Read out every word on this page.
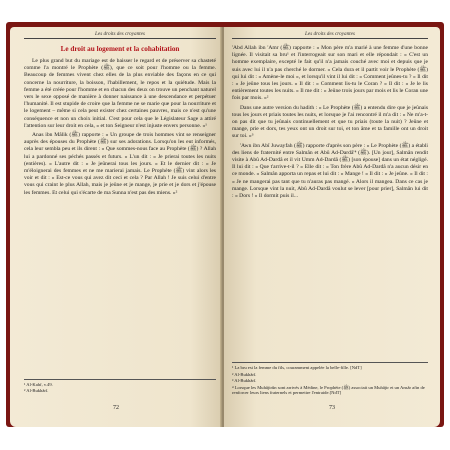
Les droits des croyantes
Le droit au logement et la cohabitation

Le plus grand but du mariage est de baisser le regard et de préserver sa chasteté comme l'a montré le Prophète (ﷺ), que ce soit pour l'homme ou la femme. Beaucoup de femmes vivent chez elles de la plus enviable des façons en ce qui concerne la nourriture, la boisson, l'habillement, le repos et la quiétude. Mais la femme a été créée pour l'homme et en chacun des deux on trouve un penchant naturel vers le sexe opposé de manière à donner naissance à une descendance et perpétuer l'humanité. Il est stupide de croire que la femme ne se marie que pour la nourriture et le logement – même si cela peut exister chez certaines pauvres, mais ce n'est qu'une conséquence et non un choix initial. C'est pour cela que le Législateur Sage a attiré l'attention sur leur droit en cela, « et ton Seigneur n'est injuste envers personne. »¹

Anas ibn Mâlik (ﷺ) rapporte : « Un groupe de trois hommes vint se renseigner auprès des épouses du Prophète (ﷺ) sur ses adorations. Lorsqu'on les eut informés, cela leur sembla peu et ils dirent : « Que sommes-nous face au Prophète (ﷺ) ? Allah lui a pardonné ses péchés passés et futurs. » L'un dit : « Je prierai toutes les nuits (entières). » L'autre dit : « Je jeûnerai tous les jours. » Et le dernier dit : « Je m'éloignerai des femmes et ne me marierai jamais. Le Prophète (ﷺ) vint alors les voir et dit : « Est-ce vous qui avez dit ceci et cela ? Par Allah ! Je suis celui d'entre vous qui craint le plus Allah, mais je jeûne et je mange, je prie et je dors et j'épouse les femmes. Et celui qui s'écarte de ma Sunna n'est pas des miens. »²

¹ Al-Kahf, v.49.

² Al-Bukhârî.

72
Les droits des croyantes

'Abd Allah ibn 'Amr (ﷺ) rapporte : « Mon père m'a marié à une femme d'une bonne lignée. Il visitait sa bru¹ et l'interrogeait sur son mari et elle répondait : « C'est un homme exemplaire, excepté le fait qu'il n'a jamais couché avec moi et depuis que je suis avec lui il n'a pas cherché le dormer. » Cela dura et il partit voir le Prophète (ﷺ) qui lui dit : « Amène-le moi », et lorsqu'il vint il lui dit : « Comment jeûnes-tu ? » Il dit : « Je jeûne tous les jours. » Il dit : « Comment lis-tu le Coran ? » Il dit : « Je le lis entièrement toutes les nuits. » Il me dit : « Jeûne trois jours par mois et lis le Coran une fois par mois. »²

Dans une autre version du hadith : « Le Prophète (ﷺ) a entendu dire que je jeûnais tous les jours et priais toutes les nuits, et lorsque je l'ai rencontré il m'a dit : « Ne m'a-t-on pas dit que tu jeûnais continuellement et que tu priais (toute la nuit) ? Jeûne et mange, prie et dors, tes yeux ont un droit sur toi, et ton âme et ta famille ont un droit sur toi. »³

'Awn ibn Abî Juwayfah (ﷺ) rapporte d'après son père : « Le Prophète (ﷺ) a établi des liens de fraternité entre Salmân et Abû Ad-Dardâ'⁴ (ﷺ). [Un jour], Salmân rendit visite à Abû Ad-Dardâ et il vit Umm Ad-Dardâ (ﷺ) [son épouse] dans un état négligé. Il lui dit : « Que t'arrive-t-il ? » Elle dit : « Ton frère Abû Ad-Dardâ n'a aucun désir en ce monde. » Salmân apporta un repas et lui dit : « Mange ! » Il dit : « Je jeûne. » Il dit : « Je ne mangerai pas tant que tu n'auras pas mangé. » Alors il mangea. Dans ce cas je mange. Lorsque vint la nuit, Abû Ad-Dardâ voulut se lever [pour prier], Salmân lui dit : « Dors ! » Il dormit puis il...

¹ La bru est la femme du fils, couramment appelée la belle-fille. [NdT]

² Al-Bukhârî.

³ Al-Bukhârî.

⁴ Lorsque les Muhâjirûn sont arrivés à Médine, le Prophète (ﷺ) associait un Muhâjir et un Ansâr afin de renforcer leurs liens fraternels et permettre l'entraide.[NdT]

73
